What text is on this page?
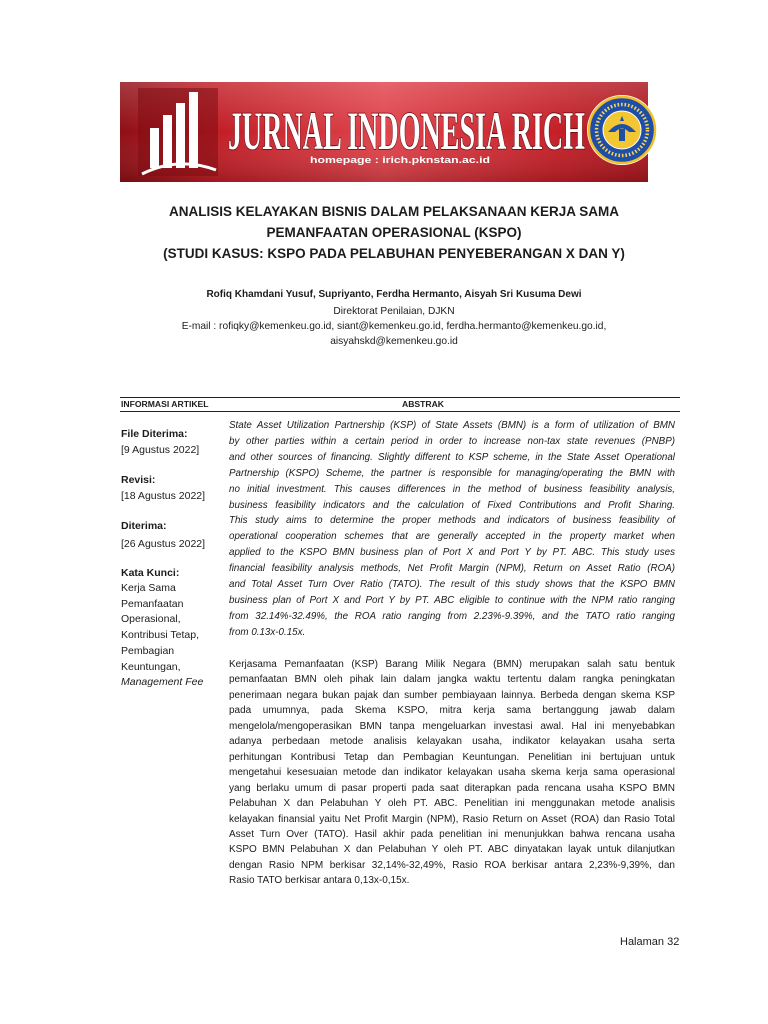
JURNAL INDONESIA RICH
homepage : irich.pknstan.ac.id
ANALISIS KELAYAKAN BISNIS DALAM PELAKSANAAN KERJA SAMA
PEMANFAATAN OPERASIONAL (KSPO)
(STUDI KASUS: KSPO PADA PELABUHAN PENYEBERANGAN X DAN Y)
Rofiq Khamdani Yusuf, Supriyanto, Ferdha Hermanto, Aisyah Sri Kusuma Dewi
Direktorat Penilaian, DJKN
E-mail : rofiqky@kemenkeu.go.id, siant@kemenkeu.go.id, ferdha.hermanto@kemenkeu.go.id,
aisyahskd@kemenkeu.go.id
INFORMASI ARTIKEL	ABSTRAK
File Diterima:
[9 Agustus 2022]
Revisi:
[18 Agustus 2022]
Diterima:
[26 Agustus 2022]
Kata Kunci:
Kerja Sama
Pemanfaatan
Operasional,
Kontribusi Tetap,
Pembagian
Keuntungan,
Management Fee
State Asset Utilization Partnership (KSP) of State Assets (BMN) is a form of utilization of BMN
by other parties within a certain period in order to increase non-tax state revenues (PNBP)
and other sources of financing. Slightly different to KSP scheme, in the State Asset Operational
Partnership (KSPO) Scheme, the partner is responsible for managing/operating the BMN with
no initial investment. This causes differences in the method of business feasibility analysis,
business feasibility indicators and the calculation of Fixed Contributions and Profit Sharing.
This study aims to determine the proper methods and indicators of business feasibility of
operational cooperation schemes that are generally accepted in the property market when
applied to the KSPO BMN business plan of Port X and Port Y by PT. ABC. This study uses
financial feasibility analysis methods, Net Profit Margin (NPM), Return on Asset Ratio (ROA)
and Total Asset Turn Over Ratio (TATO). The result of this study shows that the KSPO BMN
business plan of Port X and Port Y by PT. ABC eligible to continue with the NPM ratio ranging
from 32.14%-32.49%, the ROA ratio ranging from 2.23%-9.39%, and the TATO ratio ranging
from 0.13x-0.15x.
Kerjasama Pemanfaatan (KSP) Barang Milik Negara (BMN) merupakan salah satu bentuk
pemanfaatan BMN oleh pihak lain dalam jangka waktu tertentu dalam rangka peningkatan
penerimaan negara bukan pajak dan sumber pembiayaan lainnya. Berbeda dengan skema KSP
pada umumnya, pada Skema KSPO, mitra kerja sama bertanggung jawab dalam
mengelola/mengoperasikan BMN tanpa mengeluarkan investasi awal. Hal ini menyebabkan
adanya perbedaan metode analisis kelayakan usaha, indikator kelayakan usaha serta
perhitungan Kontribusi Tetap dan Pembagian Keuntungan. Penelitian ini bertujuan untuk
mengetahui kesesuaian metode dan indikator kelayakan usaha skema kerja sama operasional
yang berlaku umum di pasar properti pada saat diterapkan pada rencana usaha KSPO BMN
Pelabuhan X dan Pelabuhan Y oleh PT. ABC. Penelitian ini menggunakan metode analisis
kelayakan finansial yaitu Net Profit Margin (NPM), Rasio Return on Asset (ROA) dan Rasio Total
Asset Turn Over (TATO). Hasil akhir pada penelitian ini menunjukkan bahwa rencana usaha
KSPO BMN Pelabuhan X dan Pelabuhan Y oleh PT. ABC dinyatakan layak untuk dilanjutkan
dengan Rasio NPM berkisar 32,14%-32,49%, Rasio ROA berkisar antara 2,23%-9,39%, dan
Rasio TATO berkisar antara 0,13x-0,15x.
Halaman 32
